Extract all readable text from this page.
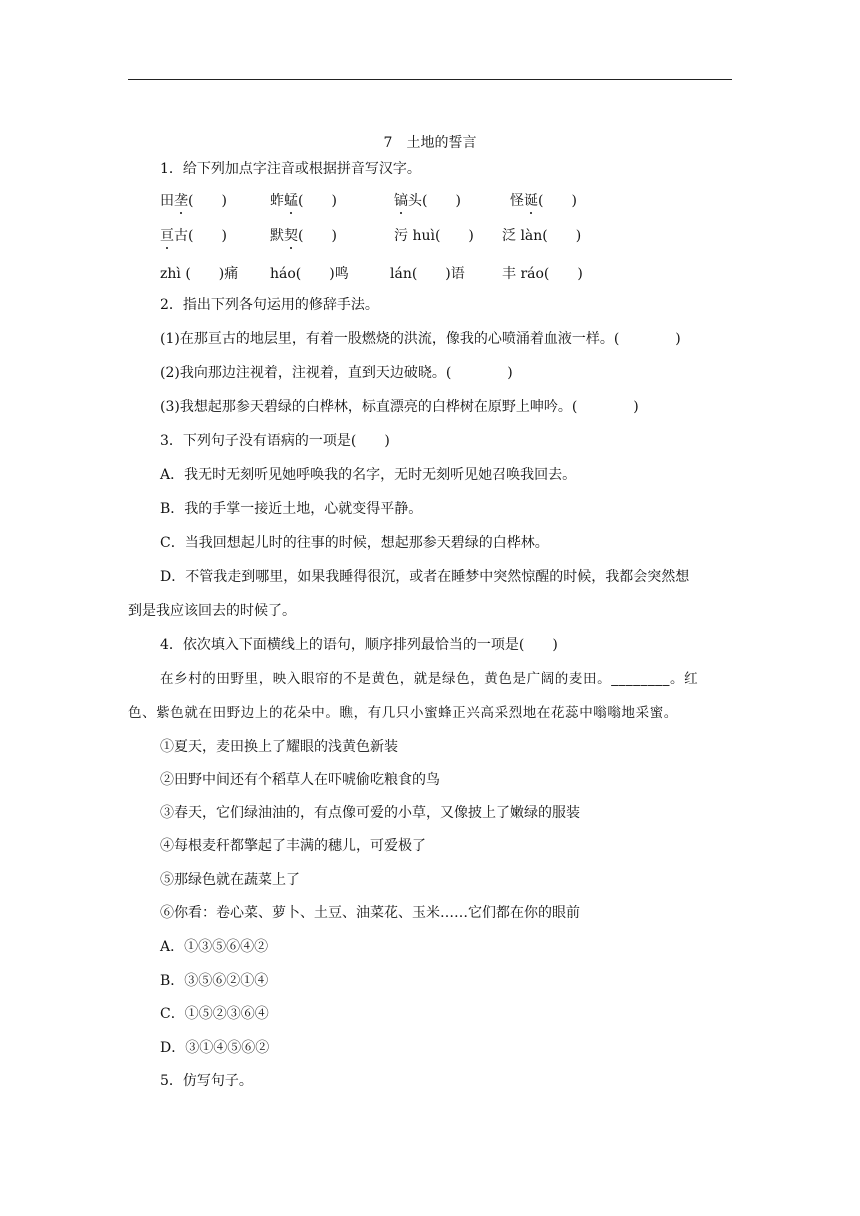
7　土地的誓言
1．给下列加点字注音或根据拼音写汉字。
田垄(　　)	蚱蜢(　　)	镐头(　　)	怪诞(　　)
亘古(　　)	默契(　　)	污 huì(　　) 泛 làn(　　)
zhì (　　)痛 háo(　　)鸣	lán(　　)语	丰 ráo(　　)
2．指出下列各句运用的修辞手法。
(1)在那亘古的地层里，有着一股燃烧的洪流，像我的心喷涌着血液一样。(　　　　)
(2)我向那边注视着，注视着，直到天边破晓。(　　　　)
(3)我想起那参天碧绿的白桦林，标直漂亮的白桦树在原野上呻吟。(　　　　)
3．下列句子没有语病的一项是(　　)
A．我无时无刻听见她呼唤我的名字，无时无刻听见她召唤我回去。
B．我的手掌一接近土地，心就变得平静。
C．当我回想起儿时的往事的时候，想起那参天碧绿的白桦林。
D．不管我走到哪里，如果我睡得很沉，或者在睡梦中突然惊醒的时候，我都会突然想
到是我应该回去的时候了。
4．依次填入下面横线上的语句，顺序排列最恰当的一项是(　　)
在乡村的田野里，映入眼帘的不是黄色，就是绿色，黄色是广阔的麦田。________。红
色、紫色就在田野边上的花朵中。瞧，有几只小蜜蜂正兴高采烈地在花蕊中嗡嗡地采蜜。
①夏天，麦田换上了耀眼的浅黄色新装
②田野中间还有个稻草人在吓唬偷吃粮食的鸟
③春天，它们绿油油的，有点像可爱的小草，又像披上了嫩绿的服装
④每根麦秆都擎起了丰满的穗儿，可爱极了
⑤那绿色就在蔬菜上了
⑥你看：卷心菜、萝卜、土豆、油菜花、玉米……它们都在你的眼前
A．①③⑤⑥④②
B．③⑤⑥②①④
C．①⑤②③⑥④
D．③①④⑤⑥②
5．仿写句子。
